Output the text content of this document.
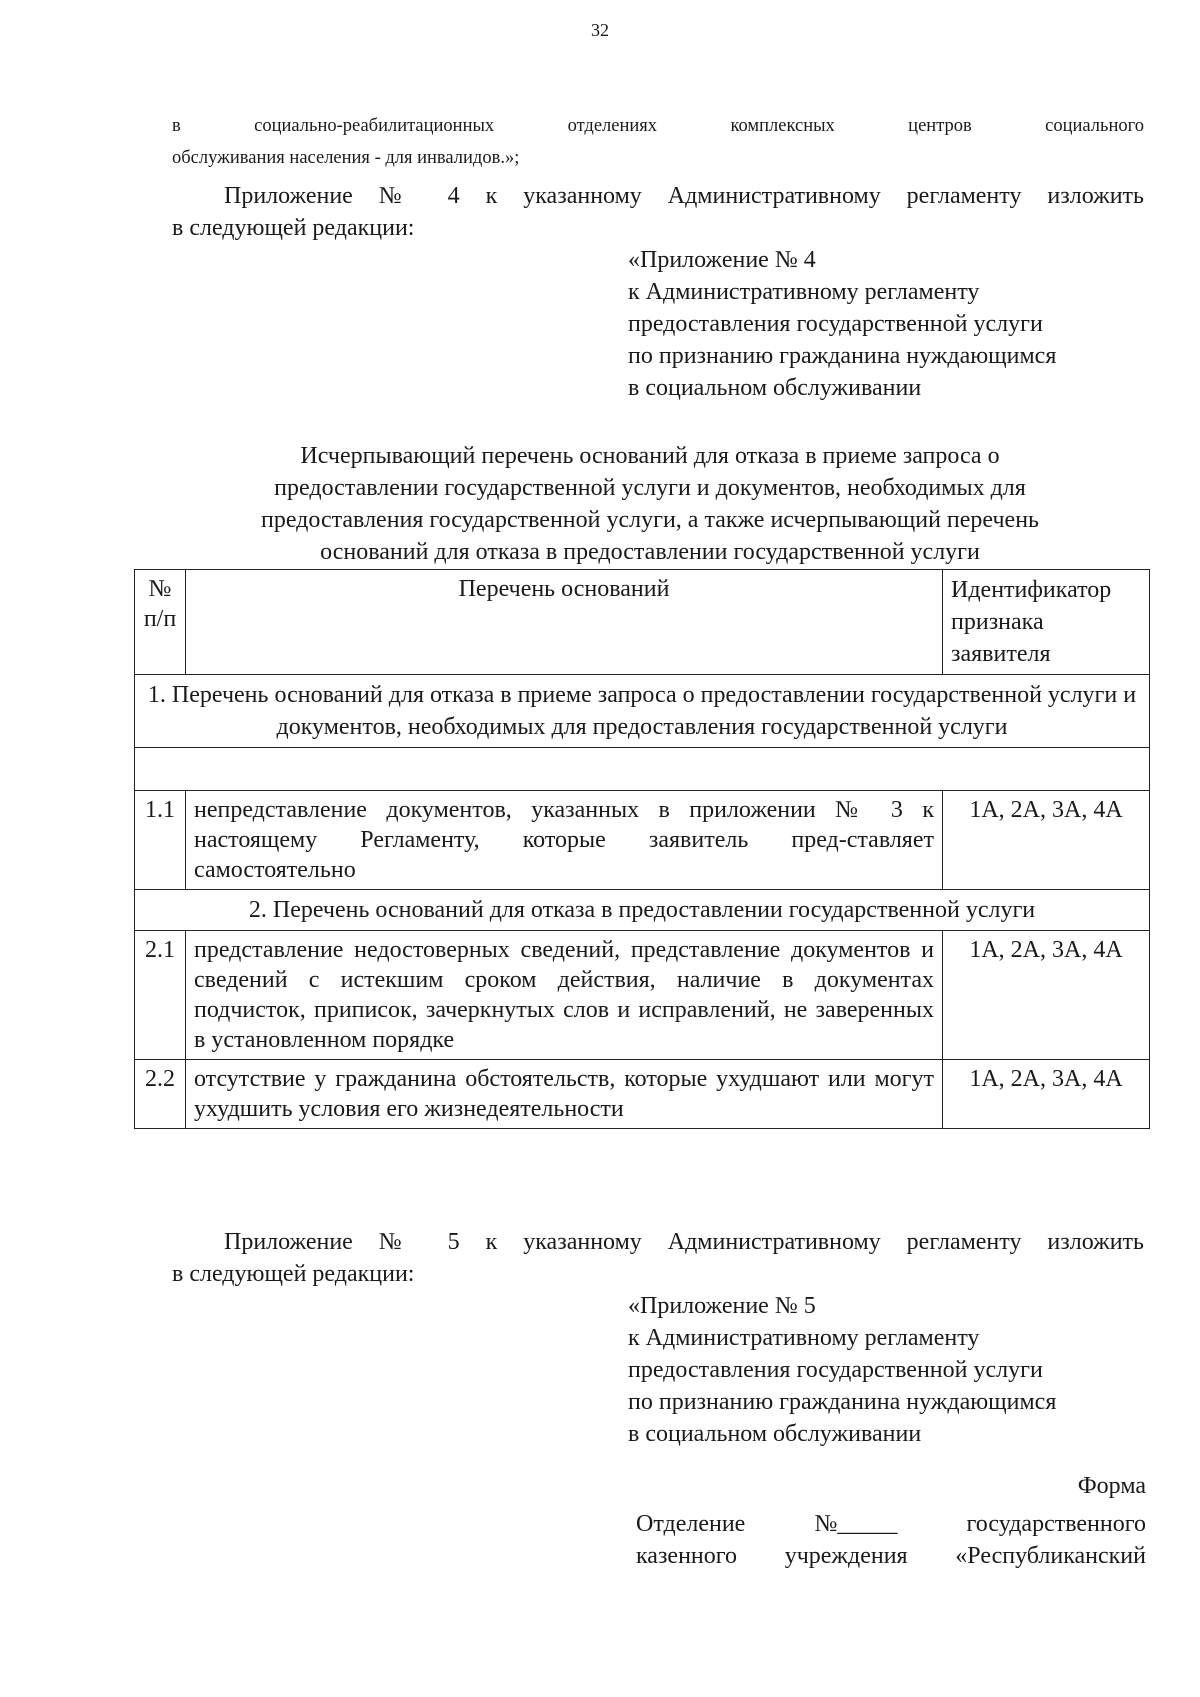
32
в социально-реабилитационных отделениях комплексных центров социального
обслуживания населения - для инвалидов.»;
Приложение № 4 к указанному Административному регламенту изложить
в следующей редакции:
«Приложение № 4
к Административному регламенту
предоставления государственной услуги
по признанию гражданина нуждающимся
в социальном обслуживании
Исчерпывающий перечень оснований для отказа в приеме запроса о
предоставлении государственной услуги и документов, необходимых для
предоставления государственной услуги, а также исчерпывающий перечень
оснований для отказа в предоставлении государственной услуги
№ п/п	Перечень оснований	Идентификатор признака заявителя
1. Перечень оснований для отказа в приеме запроса о предоставлении государственной услуги и документов, необходимых для предоставления государственной услуги		

1.1	непредставление документов, указанных в приложении № 3 к настоящему Регламенту, которые заявитель пред-ставляет самостоятельно	1А, 2А, 3А, 4А
2. Перечень оснований для отказа в предоставлении государственной услуги		
2.1	представление недостоверных сведений, представление документов и сведений с истекшим сроком действия, наличие в документах подчисток, приписок, зачеркнутых слов и исправлений, не заверенных в установленном порядке	1А, 2А, 3А, 4А
2.2	отсутствие у гражданина обстоятельств, которые ухудшают или могут ухудшить условия его жизнедеятельности	1А, 2А, 3А, 4А
Приложение № 5 к указанному Административному регламенту изложить
в следующей редакции:
«Приложение № 5
к Административному регламенту
предоставления государственной услуги
по признанию гражданина нуждающимся
в социальном обслуживании
Форма
Отделение	№_____	государственного
казенного учреждения «Республиканский
